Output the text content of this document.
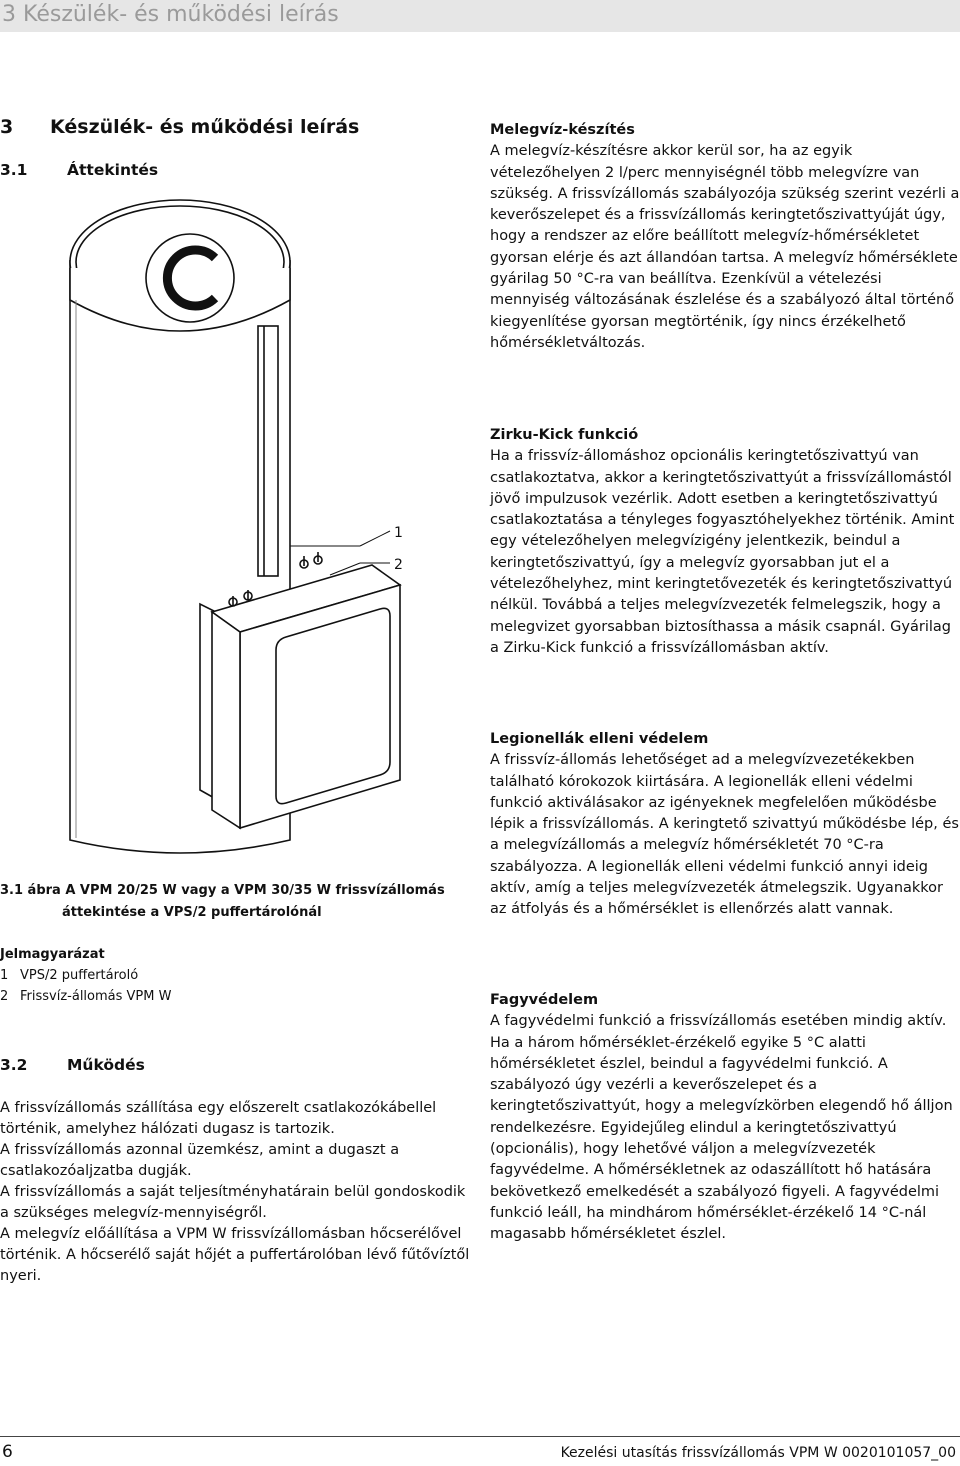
3 Készülék- és működési leírás
3 Készülék- és működési leírás
3.1	Áttekintés
1
2
3.1 ábra A VPM 20/25 W vagy a VPM 30/35 W frissvízállomás
áttekintése a VPS/2 puffertárolónál
Jelmagyarázat
1 VPS/2 puffertároló
2 Frissvíz-állomás VPM W
3.2	Működés

A frissvízállomás szállítása egy előszerelt csatlakozókábellel történik, amelyhez hálózati dugasz is tartozik.

A frissvízállomás azonnal üzemkész, amint a dugaszt a csatlakozóaljzatba dugják.

A frissvízállomás a saját teljesítményhatárain belül gondoskodik a szükséges melegvíz-mennyiségről.

A melegvíz előállítása a VPM W frissvízállomásban hőcserélővel történik. A hőcserélő saját hőjét a puffertárolóban lévő fűtővíztől nyeri.

Melegvíz-készítés

A melegvíz-készítésre akkor kerül sor, ha az egyik vételezőhelyen 2 l/perc mennyiségnél több melegvízre van szükség. A frissvízállomás szabályozója szükség szerint vezérli a keverőszelepet és a frissvízállomás keringtetőszivattyúját úgy, hogy a rendszer az előre beállított melegvíz-hőmérsékletet gyorsan elérje és azt állandóan tartsa. A melegvíz hőmérséklete gyárilag 50 °C-ra van beállítva. Ezenkívül a vételezési mennyiség változásának észlelése és a szabályozó által történő kiegyenlítése gyorsan megtörténik, így nincs érzékelhető hőmérsékletváltozás.

Zirku-Kick funkció

Ha a frissvíz-állomáshoz opcionális keringtetőszivattyú van csatlakoztatva, akkor a keringtetőszivattyút a frissvízállomástól jövő impulzusok vezérlik. Adott esetben a keringtetőszivattyú csatlakoztatása a tényleges fogyasztóhelyekhez történik. Amint egy vételezőhelyen melegvízigény jelentkezik, beindul a keringtetőszivattyú, így a melegvíz gyorsabban jut el a vételezőhelyhez, mint keringtetővezeték és keringtetőszivattyú nélkül. Továbbá a teljes melegvízvezeték felmelegszik, hogy a melegvizet gyorsabban biztosíthassa a másik csapnál. Gyárilag a Zirku-Kick funkció a frissvízállomásban aktív.

Legionellák elleni védelem

A frissvíz-állomás lehetőséget ad a melegvízvezetékekben található kórokozok kiirtására. A legionellák elleni védelmi funkció aktiválásakor az igényeknek megfelelően működésbe lépik a frissvízállomás. A keringtető szivattyú működésbe lép, és a melegvízállomás a melegvíz hőmérsékletét 70 °C-ra szabályozza. A legionellák elleni védelmi funkció annyi ideig aktív, amíg a teljes melegvízvezeték átmelegszik. Ugyanakkor az átfolyás és a hőmérséklet is ellenőrzés alatt vannak.

Fagyvédelem

A fagyvédelmi funkció a frissvízállomás esetében mindig aktív. Ha a három hőmérséklet-érzékelő egyike 5 °C alatti hőmérsékletet észlel, beindul a fagyvédelmi funkció. A szabályozó úgy vezérli a keverőszelepet és a keringtetőszivattyút, hogy a melegvízkörben elegendő hő álljon rendelkezésre. Egyidejűleg elindul a keringtetőszivattyú (opcionális), hogy lehetővé váljon a melegvízvezeték fagyvédelme. A hőmérsékletnek az odaszállított hő hatására bekövetkező emelkedését a szabályozó figyeli. A fagyvédelmi funkció leáll, ha mindhárom hőmérséklet-érzékelő 14 °C-nál magasabb hőmérsékletet észlel.

6	Kezelési utasítás frissvízállomás VPM W 0020101057_00
